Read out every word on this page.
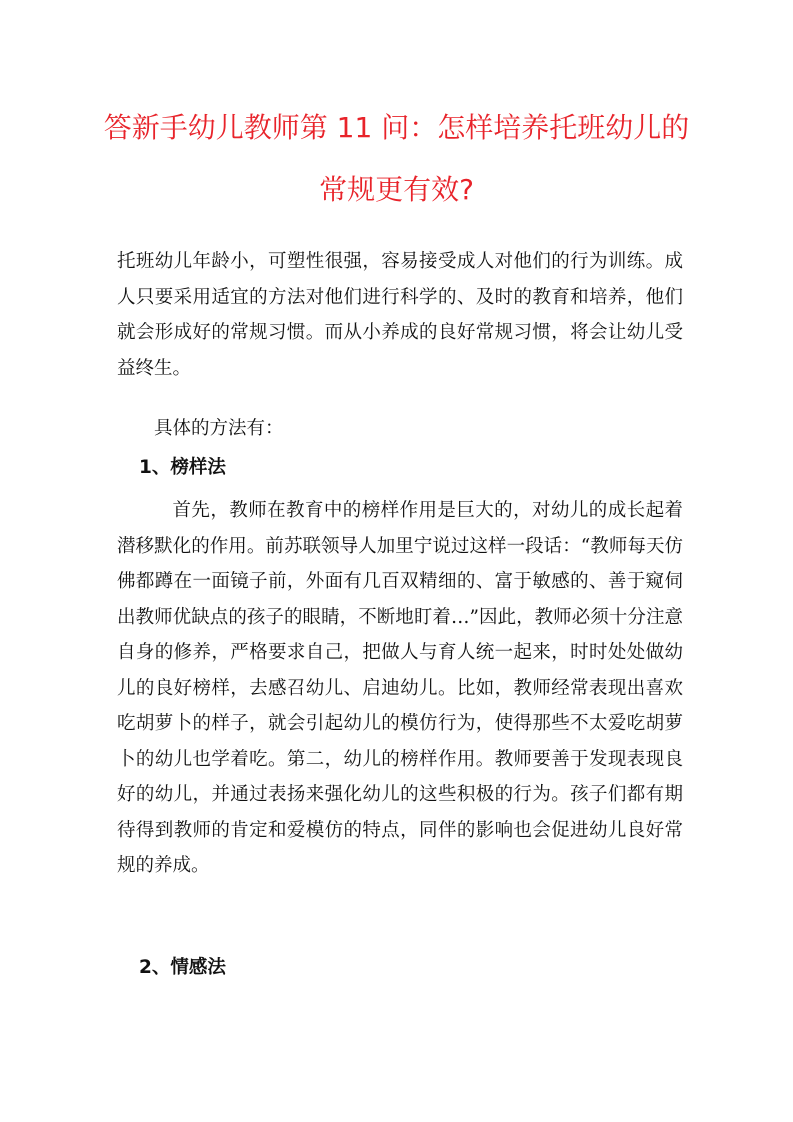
答新手幼儿教师第 11 问：怎样培养托班幼儿的
常规更有效?

托班幼儿年龄小，可塑性很强，容易接受成人对他们的行为训练。成人只要采用适宜的方法对他们进行科学的、及时的教育和培养，他们就会形成好的常规习惯。而从小养成的良好常规习惯，将会让幼儿受益终生。

具体的方法有：

1、榜样法

首先，教师在教育中的榜样作用是巨大的，对幼儿的成长起着潜移默化的作用。前苏联领导人加里宁说过这样一段话：“教师每天仿佛都蹲在一面镜子前，外面有几百双精细的、富于敏感的、善于窥伺出教师优缺点的孩子的眼睛，不断地盯着…”因此，教师必须十分注意自身的修养，严格要求自己，把做人与育人统一起来，时时处处做幼儿的良好榜样，去感召幼儿、启迪幼儿。比如，教师经常表现出喜欢吃胡萝卜的样子，就会引起幼儿的模仿行为，使得那些不太爱吃胡萝卜的幼儿也学着吃。第二，幼儿的榜样作用。教师要善于发现表现良好的幼儿，并通过表扬来强化幼儿的这些积极的行为。孩子们都有期待得到教师的肯定和爱模仿的特点，同伴的影响也会促进幼儿良好常规的养成。

2、情感法
